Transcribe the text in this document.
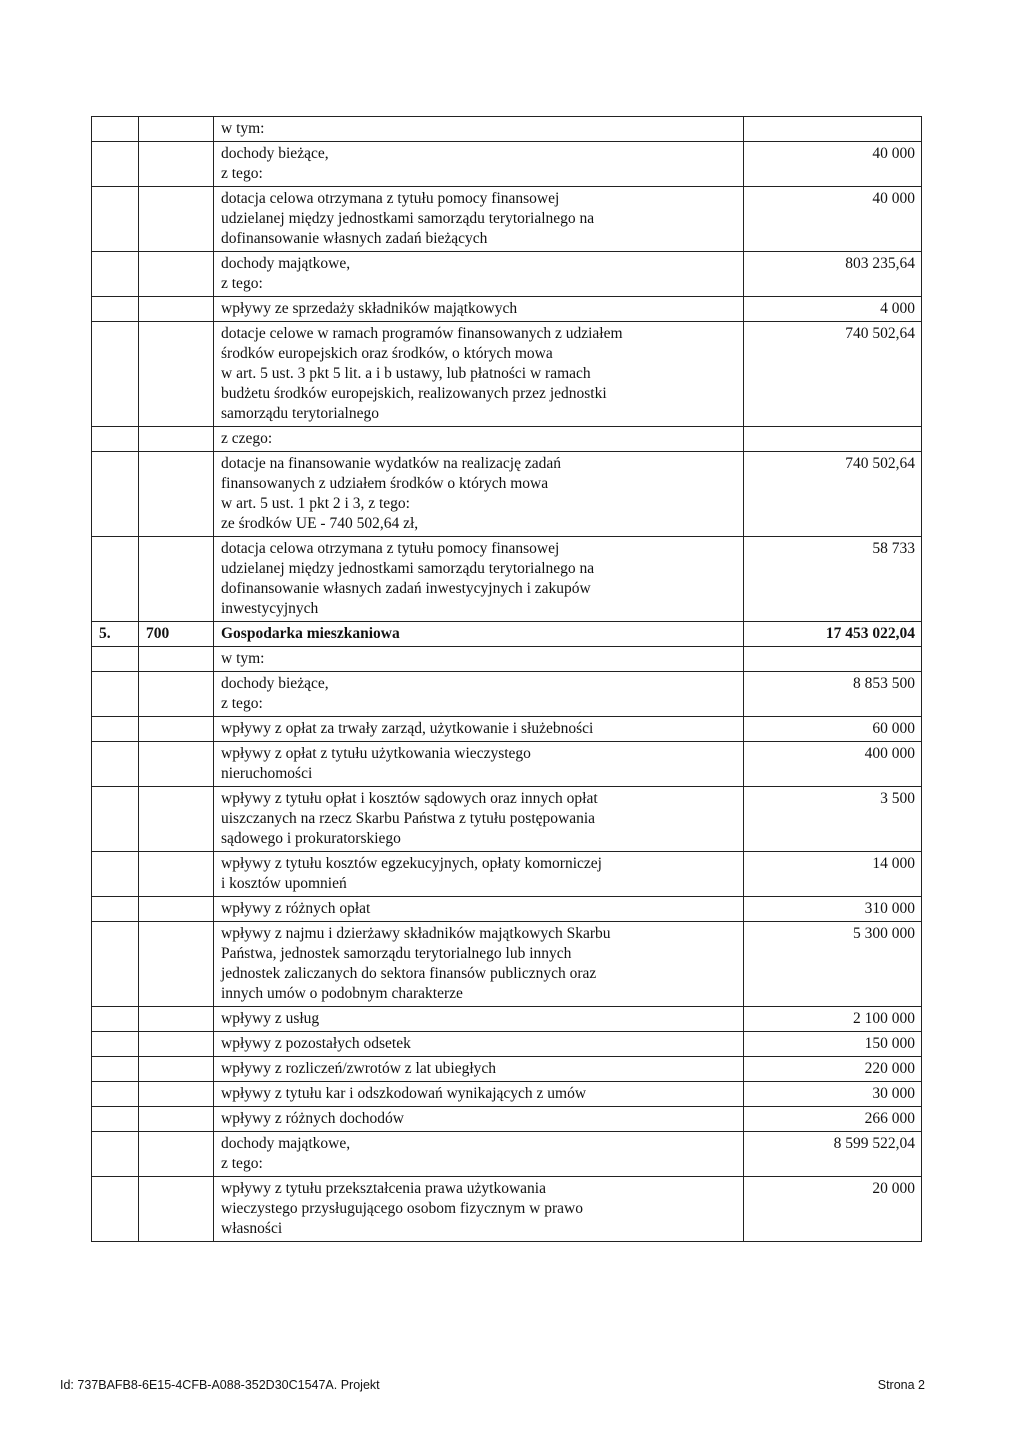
		w tym:	

		dochody bieżące,
z tego:	40 000

		dotacja celowa otrzymana z tytułu pomocy finansowej
udzielanej między jednostkami samorządu terytorialnego na
dofinansowanie własnych zadań bieżących	40 000

		dochody majątkowe,
z tego:	803 235,64

		wpływy ze sprzedaży składników majątkowych	4 000

		dotacje celowe w ramach programów finansowanych z udziałem
środków europejskich oraz środków, o których mowa
w art. 5 ust. 3 pkt 5 lit. a i b ustawy, lub płatności w ramach
budżetu środków europejskich, realizowanych przez jednostki
samorządu terytorialnego	740 502,64

		z czego:	

		dotacje na finansowanie wydatków na realizację zadań
finansowanych z udziałem środków o których mowa
w art. 5 ust. 1 pkt 2 i 3, z tego:
ze środków UE - 740 502,64 zł,	740 502,64

		dotacja celowa otrzymana z tytułu pomocy finansowej
udzielanej między jednostkami samorządu terytorialnego na
dofinansowanie własnych zadań inwestycyjnych i zakupów
inwestycyjnych	58 733
5.	700	Gospodarka mieszkaniowa	17 453 022,04

		w tym:	

		dochody bieżące,
z tego:	8 853 500

		wpływy z opłat za trwały zarząd, użytkowanie i służebności	60 000

		wpływy z opłat z tytułu użytkowania wieczystego
nieruchomości	400 000

		wpływy z tytułu opłat i kosztów sądowych oraz innych opłat
uiszczanych na rzecz Skarbu Państwa z tytułu postępowania
sądowego i prokuratorskiego	3 500

		wpływy z tytułu kosztów egzekucyjnych, opłaty komorniczej
i kosztów upomnień	14 000

		wpływy z różnych opłat	310 000

		wpływy z najmu i dzierżawy składników majątkowych Skarbu
Państwa, jednostek samorządu terytorialnego lub innych
jednostek zaliczanych do sektora finansów publicznych oraz
innych umów o podobnym charakterze	5 300 000

		wpływy z usług	2 100 000

		wpływy z pozostałych odsetek	150 000

		wpływy z rozliczeń/zwrotów z lat ubiegłych	220 000

		wpływy z tytułu kar i odszkodowań wynikających z umów	30 000

		wpływy z różnych dochodów	266 000

		dochody majątkowe,
z tego:	8 599 522,04

		wpływy z tytułu przekształcenia prawa użytkowania
wieczystego przysługującego osobom fizycznym w prawo
własności	20 000
Id: 737BAFB8-6E15-4CFB-A088-352D30C1547A. Projekt	Strona 2
